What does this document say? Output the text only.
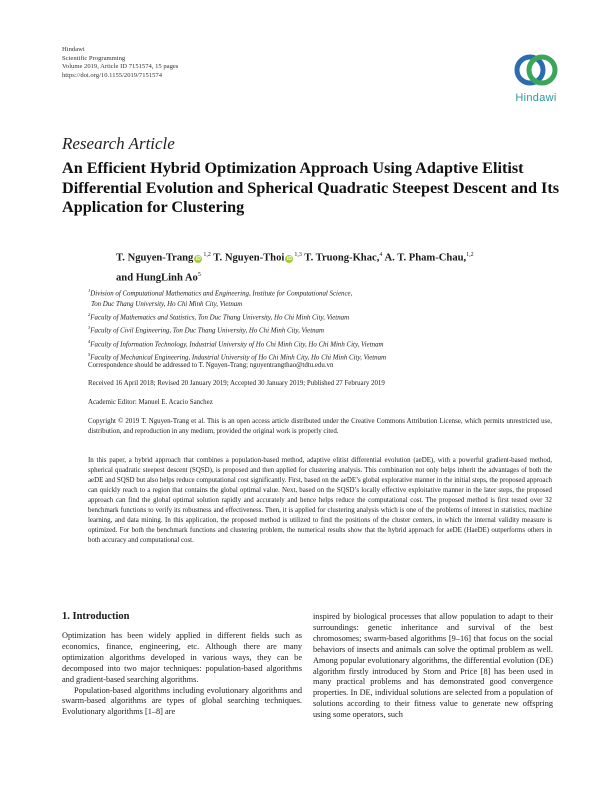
Hindawi
Scientific Programming
Volume 2019, Article ID 7151574, 15 pages
https://doi.org/10.1155/2019/7151574
Hindawi
Research Article
An Efficient Hybrid Optimization Approach Using Adaptive Elitist Differential Evolution and Spherical Quadratic Steepest Descent and Its Application for Clustering
T. Nguyen-Trang iD$^{1,2}$ T. Nguyen-Thoi iD$^{1,3}$ T. Truong-Khac,$^4$ A. T. Pham-Chau,$^{1,2}$
and HungLinh Ao$^5$
$^1$Division of Computational Mathematics and Engineering, Institute for Computational Science,
Ton Duc Thang University, Ho Chi Minh City, Vietnam
$^2$Faculty of Mathematics and Statistics, Ton Duc Thang University, Ho Chi Minh City, Vietnam
$^3$Faculty of Civil Engineering, Ton Duc Thang University, Ho Chi Minh City, Vietnam
$^4$Faculty of Information Technology, Industrial University of Ho Chi Minh City, Ho Chi Minh City, Vietnam
$^5$Faculty of Mechanical Engineering, Industrial University of Ho Chi Minh City, Ho Chi Minh City, Vietnam
Correspondence should be addressed to T. Nguyen-Trang; nguyentrangthao@tdtu.edu.vn
Received 16 April 2018; Revised 20 January 2019; Accepted 30 January 2019; Published 27 February 2019
Academic Editor: Manuel E. Acacio Sanchez
Copyright © 2019 T. Nguyen-Trang et al. This is an open access article distributed under the Creative Commons Attribution License, which permits unrestricted use, distribution, and reproduction in any medium, provided the original work is properly cited.
In this paper, a hybrid approach that combines a population-based method, adaptive elitist differential evolution (aeDE), with a powerful gradient-based method, spherical quadratic steepest descent (SQSD), is proposed and then applied for clustering analysis. This combination not only helps inherit the advantages of both the aeDE and SQSD but also helps reduce computational cost significantly. First, based on the aeDE’s global explorative manner in the initial steps, the proposed approach can quickly reach to a region that contains the global optimal value. Next, based on the SQSD’s locally effective exploitative manner in the later steps, the proposed approach can find the global optimal solution rapidly and accurately and hence helps reduce the computational cost. The proposed method is first tested over 32 benchmark functions to verify its robustness and effectiveness. Then, it is applied for clustering analysis which is one of the problems of interest in statistics, machine learning, and data mining. In this application, the proposed method is utilized to find the positions of the cluster centers, in which the internal validity measure is optimized. For both the benchmark functions and clustering problem, the numerical results show that the hybrid approach for aeDE (HaeDE) outperforms others in both accuracy and computational cost.
1. Introduction

Optimization has been widely applied in different fields such as economics, finance, engineering, etc. Although there are many optimization algorithms developed in various ways, they can be decomposed into two major techniques: population-based algorithms and gradient-based searching algorithms.

Population-based algorithms including evolutionary algorithms and swarm-based algorithms are types of global searching techniques. Evolutionary algorithms [1–8] are

inspired by biological processes that allow population to adapt to their surroundings: genetic inheritance and survival of the best chromosomes; swarm-based algorithms [9–16] that focus on the social behaviors of insects and animals can solve the optimal problem as well. Among popular evolutionary algorithms, the differential evolution (DE) algorithm firstly introduced by Storn and Price [8] has been used in many practical problems and has demonstrated good convergence properties. In DE, individual solutions are selected from a population of solutions according to their fitness value to generate new offspring using some operators, such
